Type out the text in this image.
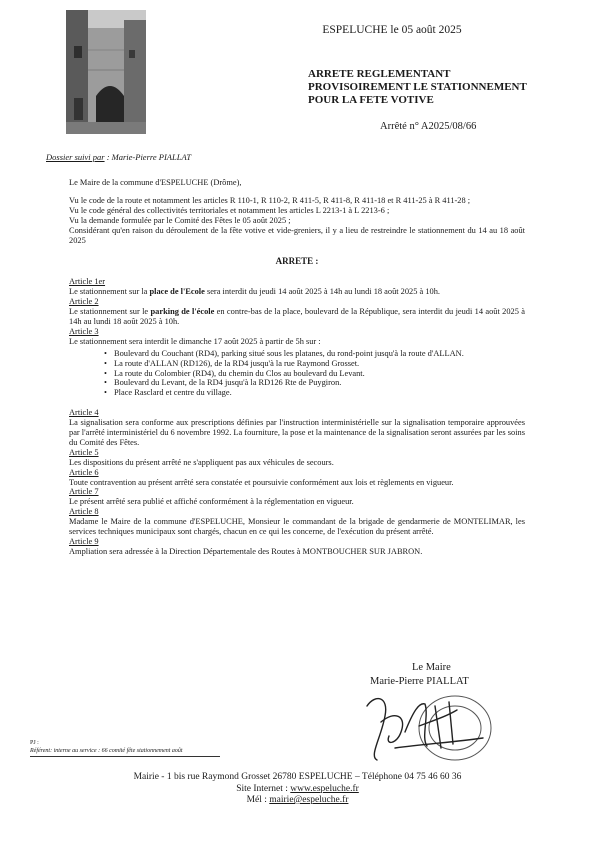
ESPELUCHE le 05 août 2025
ARRETE REGLEMENTANT
PROVISOIREMENT LE STATIONNEMENT
POUR LA FETE VOTIVE
Arrêté n° A2025/08/66
Dossier suivi par : Marie-Pierre PIALLAT

Le Maire de la commune d'ESPELUCHE (Drôme),

Vu le code de la route et notamment les articles R 110-1, R 110-2, R 411-5, R 411-8, R 411-18 et R 411-25 à R 411-28 ;

Vu le code général des collectivités territoriales et notamment les articles L 2213-1 à L 2213-6 ;

Vu la demande formulée par le Comité des Fêtes le 05 août 2025 ;

Considérant qu'en raison du déroulement de la fête votive et vide-greniers, il y a lieu de restreindre le stationnement du 14 au 18 août 2025

ARRETE :

Article 1er

Le stationnement sur la place de l'Ecole sera interdit du jeudi 14 août 2025 à 14h au lundi 18 août 2025 à 10h.

Article 2

Le stationnement sur le parking de l'école en contre-bas de la place, boulevard de la République, sera interdit du jeudi 14 août 2025 à 14h au lundi 18 août 2025 à 10h.

Article 3

Le stationnement sera interdit le dimanche 17 août 2025 à partir de 5h sur :

• Boulevard du Couchant (RD4), parking situé sous les platanes, du rond-point jusqu'à la route d'ALLAN.
• La route d'ALLAN (RD126), de la RD4 jusqu'à la rue Raymond Grosset.
• La route du Colombier (RD4), du chemin du Clos au boulevard du Levant.
• Boulevard du Levant, de la RD4 jusqu'à la RD126 Rte de Puygiron.
• Place Rasclard et centre du village.

Article 4

La signalisation sera conforme aux prescriptions définies par l'instruction interministérielle sur la signalisation temporaire approuvées par l'arrêté interministériel du 6 novembre 1992. La fourniture, la pose et la maintenance de la signalisation seront assurées par les soins du Comité des Fêtes.

Article 5

Les dispositions du présent arrêté ne s'appliquent pas aux véhicules de secours.

Article 6

Toute contravention au présent arrêté sera constatée et poursuivie conformément aux lois et règlements en vigueur.

Article 7

Le présent arrêté sera publié et affiché conformément à la réglementation en vigueur.

Article 8

Madame le Maire de la commune d'ESPELUCHE, Monsieur le commandant de la brigade de gendarmerie de MONTELIMAR, les services techniques municipaux sont chargés, chacun en ce qui les concerne, de l'exécution du présent arrêté.

Article 9

Ampliation sera adressée à la Direction Départementale des Routes à MONTBOUCHER SUR JABRON.

Le Maire
Marie-Pierre PIALLAT
PJ :
Référent: interne au service : 66 comité fête stationnement août

Mairie - 1 bis rue Raymond Grosset 26780 ESPELUCHE – Téléphone 04 75 46 60 36

Site Internet : www.espeluche.fr

Mél : mairie@espeluche.fr
